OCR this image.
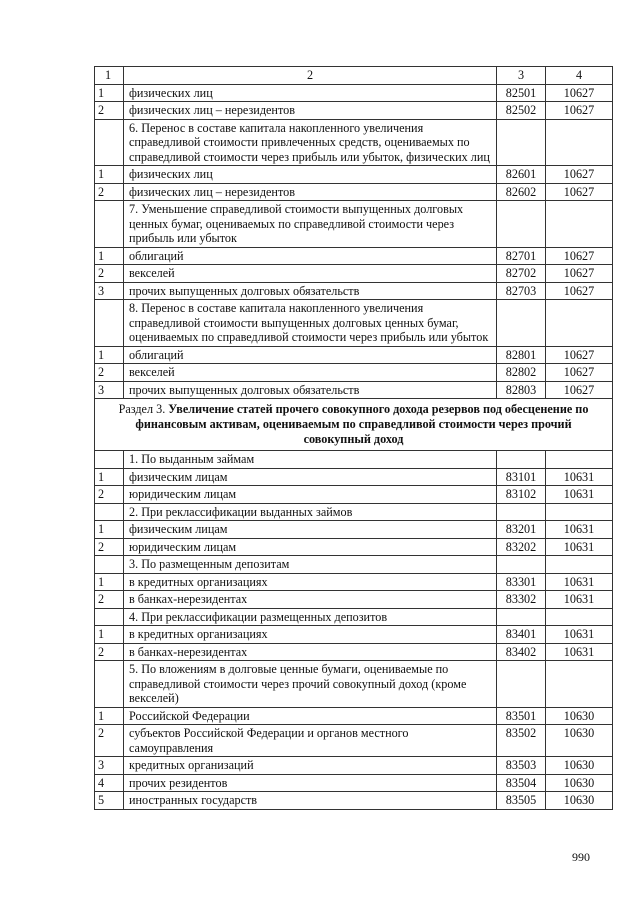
1	2	3	4
1	физических лиц	82501	10627
2	физических лиц – нерезидентов	82502	10627
	6. Перенос в составе капитала накопленного увеличения справедливой стоимости привлеченных средств, оцениваемых по справедливой стоимости через прибыль или убыток, физических лиц		
1	физических лиц	82601	10627
2	физических лиц – нерезидентов	82602	10627
	7. Уменьшение справедливой стоимости выпущенных долговых ценных бумаг, оцениваемых по справедливой стоимости через прибыль или убыток		
1	облигаций	82701	10627
2	векселей	82702	10627
3	прочих выпущенных долговых обязательств	82703	10627
	8. Перенос в составе капитала накопленного увеличения справедливой стоимости выпущенных долговых ценных бумаг, оцениваемых по справедливой стоимости через прибыль или убыток		
1	облигаций	82801	10627
2	векселей	82802	10627
3	прочих выпущенных долговых обязательств	82803	10627
Раздел 3. Увеличение статей прочего совокупного дохода резервов под обесценение по финансовым активам, оцениваемым по справедливой стоимости через прочий совокупный доход			
	1. По выданным займам		
1	физическим лицам	83101	10631
2	юридическим лицам	83102	10631
	2. При реклассификации выданных займов		
1	физическим лицам	83201	10631
2	юридическим лицам	83202	10631
	3. По размещенным депозитам		
1	в кредитных организациях	83301	10631
2	в банках-нерезидентах	83302	10631
	4. При реклассификации размещенных депозитов		
1	в кредитных организациях	83401	10631
2	в банках-нерезидентах	83402	10631
	5. По вложениям в долговые ценные бумаги, оцениваемые по справедливой стоимости через прочий совокупный доход (кроме векселей)		
1	Российской Федерации	83501	10630
2	субъектов Российской Федерации и органов местного самоуправления	83502	10630
3	кредитных организаций	83503	10630
4	прочих резидентов	83504	10630
5	иностранных государств	83505	10630
990
